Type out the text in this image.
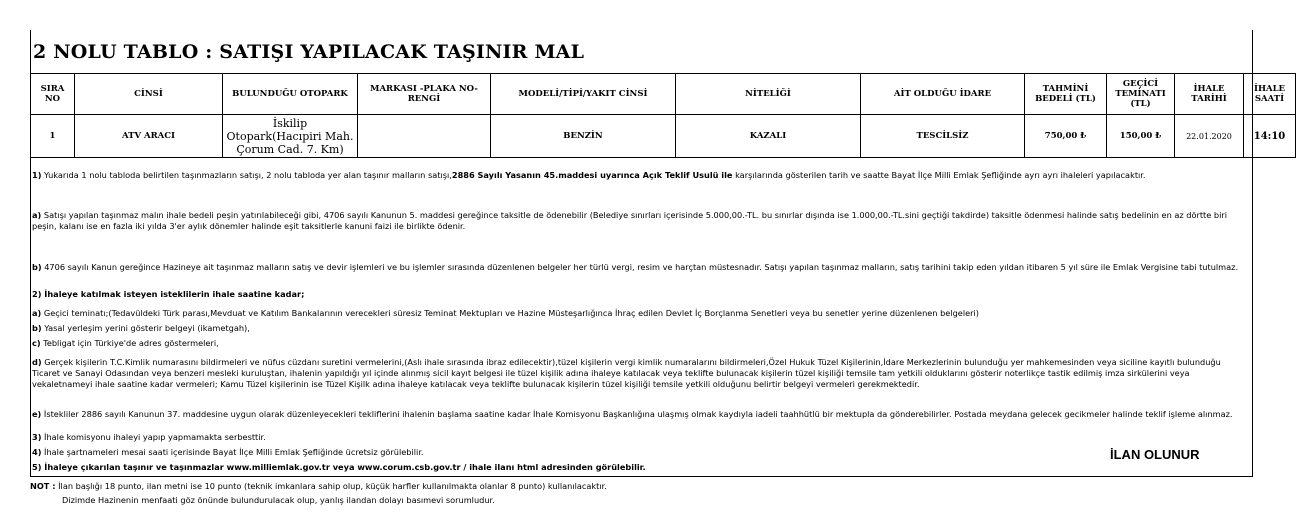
2 NOLU TABLO : SATIŞI YAPILACAK TAŞINIR MAL
SIRA NO	CİNSİ	BULUNDUĞU OTOPARK	MARKASI -PLAKA NO-RENGİ	MODELİ/TİPİ/YAKIT CİNSİ	NİTELİĞİ	AİT OLDUĞU İDARE	TAHMİNİ BEDELİ (TL)	GEÇİCİ TEMİNATI (TL)	İHALE TARİHİ	İHALE SAATİ
1	ATV ARACI	İskilip Otopark(Hacıpiri Mah. Çorum Cad. 7. Km)		BENZİN	KAZALI	TESCİLSİZ	750,00 ₺	150,00 ₺	22.01.2020	14:10
1) Yukarıda 1 nolu tabloda belirtilen taşınmazların satışı, 2 nolu tabloda yer alan taşınır malların satışı,2886 Sayılı Yasanın 45.maddesi uyarınca Açık Teklif Usulü ile karşılarında gösterilen tarih ve saatte Bayat İlçe Milli Emlak Şefliğinde ayrı ayrı ihaleleri yapılacaktır.
a) Satışı yapılan taşınmaz malın ihale bedeli peşin yatırılabileceği gibi, 4706 sayılı Kanunun 5. maddesi gereğince taksitle de ödenebilir (Belediye sınırları içerisinde 5.000,00.-TL. bu sınırlar dışında ise 1.000,00.-TL.sini geçtiği takdirde) taksitle ödenmesi halinde satış bedelinin en az dörtte biri peşin, kalanı ise en fazla iki yılda 3'er aylık dönemler halinde eşit taksitlerle kanuni faizi ile birlikte ödenir.
b) 4706 sayılı Kanun gereğince Hazineye ait taşınmaz malların satış ve devir işlemleri ve bu işlemler sırasında düzenlenen belgeler her türlü vergi, resim ve harçtan müstesnadır. Satışı yapılan taşınmaz malların, satış tarihini takip eden yıldan itibaren 5 yıl süre ile Emlak Vergisine tabi tutulmaz.
2) İhaleye katılmak isteyen isteklilerin ihale saatine kadar;
a) Geçici teminatı;(Tedavüldeki Türk parası,Mevduat ve Katılım Bankalarının verecekleri süresiz Teminat Mektupları ve Hazine Müsteşarlığınca İhraç edilen Devlet İç Borçlanma Senetleri veya bu senetler yerine düzenlenen belgeleri)
b) Yasal yerleşim yerini gösterir belgeyi (ikametgah),
c) Tebligat için Türkiye'de adres göstermeleri,
d) Gerçek kişilerin T.C.Kimlik numarasını bildirmeleri ve nüfus cüzdanı suretini vermelerini,(Aslı ihale sırasında ibraz edilecektir),tüzel kişilerin vergi kimlik numaralarını bildirmeleri,Özel Hukuk Tüzel Kişilerinin,İdare Merkezlerinin bulunduğu yer mahkemesinden veya siciline kayıtlı bulunduğu Ticaret ve Sanayi Odasından veya benzeri mesleki kuruluştan, ihalenin yapıldığı yıl içinde alınmış sicil kayıt belgesi ile tüzel kişilik adına ihaleye katılacak veya teklifte bulunacak kişilerin tüzel kişiliği temsile tam yetkili olduklarını gösterir noterlikçe tastik edilmiş imza sirkülerini veya vekaletnameyi ihale saatine kadar vermeleri; Kamu Tüzel kişilerinin ise Tüzel Kişilk adına ihaleye katılacak veya teklifte bulunacak kişilerin tüzel kişiliği temsile yetkili olduğunu belirtir belgeyi vermeleri gerekmektedir.
e) İstekliler 2886 sayılı Kanunun 37. maddesine uygun olarak düzenleyecekleri tekliflerini ihalenin başlama saatine kadar İhale Komisyonu Başkanlığına ulaşmış olmak kaydıyla iadeli taahhütlü bir mektupla da gönderebilirler. Postada meydana gelecek gecikmeler halinde teklif işleme alınmaz.
3) İhale komisyonu ihaleyi yapıp yapmamakta serbesttir.
4) İhale şartnameleri mesai saati içerisinde Bayat İlçe Milli Emlak Şefliğinde ücretsiz görülebilir.
5) İhaleye çıkarılan taşınır ve taşınmazlar www.milliemlak.gov.tr veya www.corum.csb.gov.tr / ihale ilanı html adresinden görülebilir.
İLAN OLUNUR
NOT : İlan başlığı 18 punto, ilan metni ise 10 punto (teknik imkanlara sahip olup, küçük harfler kullanılmakta olanlar 8 punto) kullanılacaktır.
Dizimde Hazinenin menfaati göz önünde bulundurulacak olup, yanlış ilandan dolayı basımevi sorumludur.
